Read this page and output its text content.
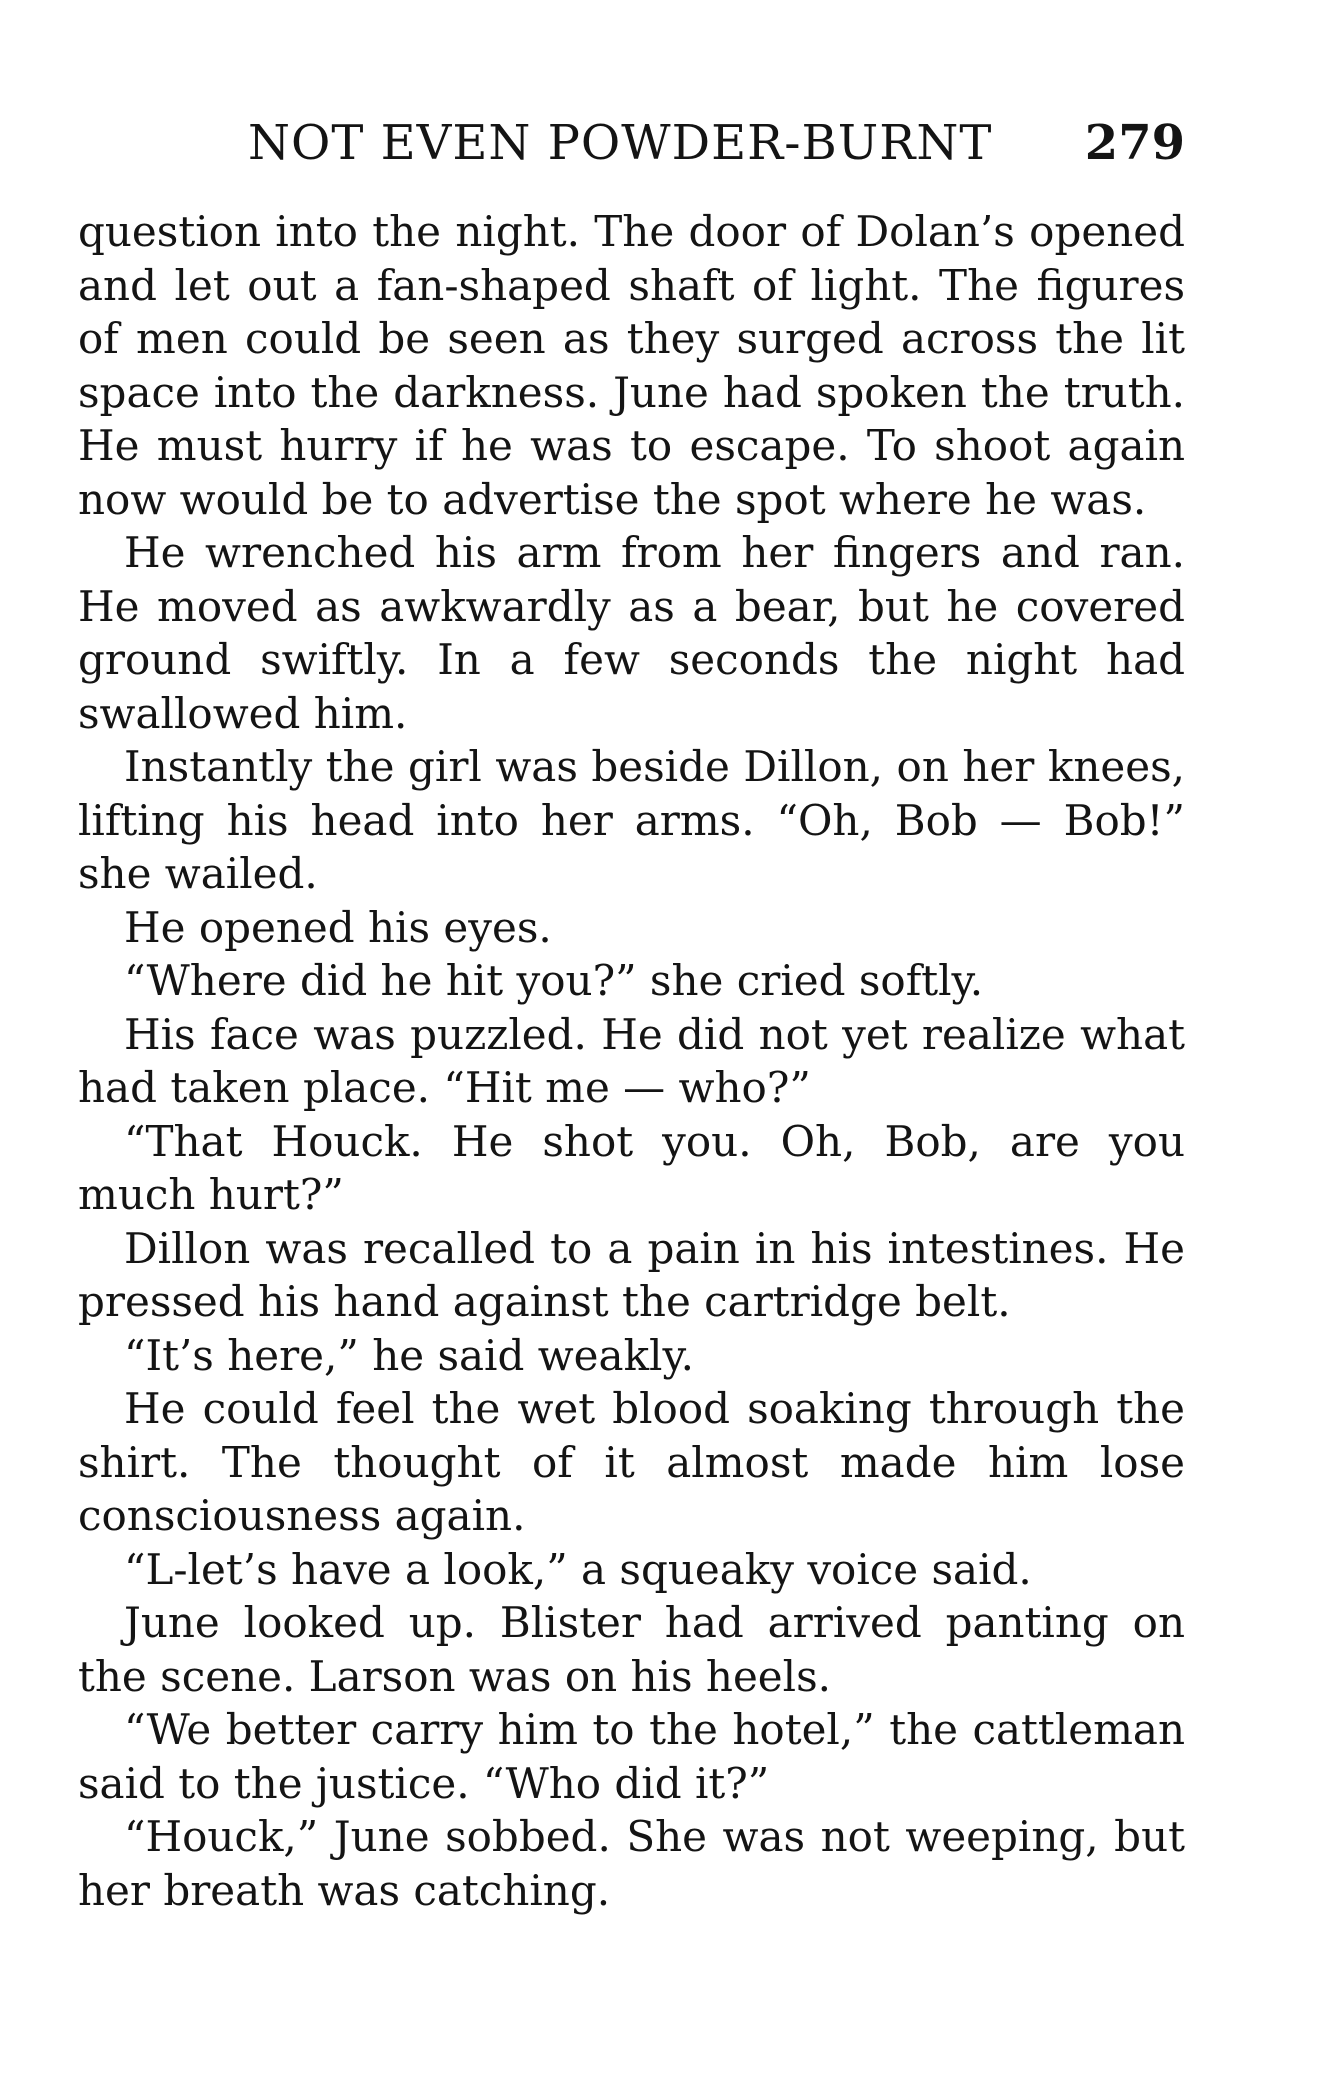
NOT EVEN POWDER-BURNT 279

question into the night. The door of Dolan’s opened and let out a fan-shaped shaft of light. The figures of men could be seen as they surged across the lit space into the darkness. June had spoken the truth. He must hurry if he was to escape. To shoot again now would be to advertise the spot where he was.

He wrenched his arm from her fingers and ran. He moved as awkwardly as a bear, but he covered ground swiftly. In a few seconds the night had swallowed him.

Instantly the girl was beside Dillon, on her knees, lifting his head into her arms. “Oh, Bob — Bob!” she wailed.

He opened his eyes.

“Where did he hit you?” she cried softly.

His face was puzzled. He did not yet realize what had taken place. “Hit me — who?”

“That Houck. He shot you. Oh, Bob, are you much hurt?”

Dillon was recalled to a pain in his intestines. He pressed his hand against the cartridge belt.

“It’s here,” he said weakly.

He could feel the wet blood soaking through the shirt. The thought of it almost made him lose consciousness again.

“L-let’s have a look,” a squeaky voice said.

June looked up. Blister had arrived panting on the scene. Larson was on his heels.

“We better carry him to the hotel,” the cattleman said to the justice. “Who did it?”

“Houck,” June sobbed. She was not weeping, but her breath was catching.
